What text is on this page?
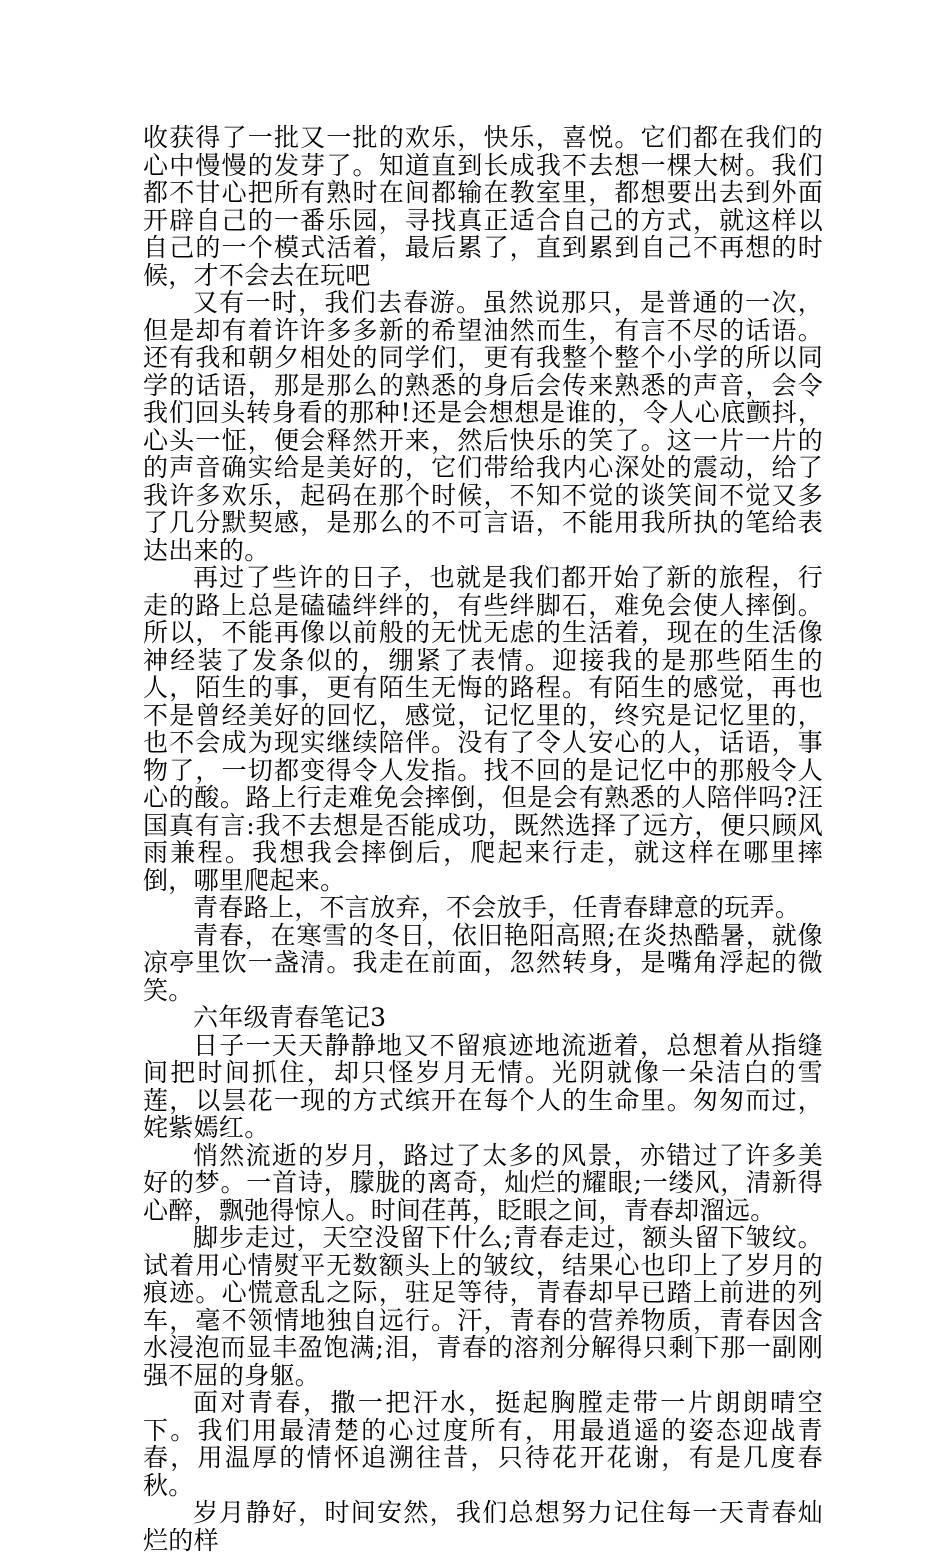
收获得了一批又一批的欢乐，快乐，喜悦。它们都在我们的心中慢慢的发芽了。知道直到长成我不去想一棵大树。我们都不甘心把所有熟时在间都输在教室里，都想要出去到外面开辟自己的一番乐园，寻找真正适合自己的方式，就这样以自己的一个模式活着，最后累了，直到累到自己不再想的时候，才不会去在玩吧

又有一时，我们去春游。虽然说那只，是普通的一次，但是却有着许许多多新的希望油然而生，有言不尽的话语。还有我和朝夕相处的同学们，更有我整个整个小学的所以同学的话语，那是那么的熟悉的身后会传来熟悉的声音，会令我们回头转身看的那种!还是会想想是谁的，令人心底颤抖，心头一怔，便会释然开来，然后快乐的笑了。这一片一片的的声音确实给是美好的，它们带给我内心深处的震动，给了我许多欢乐，起码在那个时候，不知不觉的谈笑间不觉又多了几分默契感，是那么的不可言语，不能用我所执的笔给表达出来的。

再过了些许的日子，也就是我们都开始了新的旅程，行走的路上总是磕磕绊绊的，有些绊脚石，难免会使人摔倒。所以，不能再像以前般的无忧无虑的生活着，现在的生活像神经装了发条似的，绷紧了表情。迎接我的是那些陌生的人，陌生的事，更有陌生无悔的路程。有陌生的感觉，再也不是曾经美好的回忆，感觉，记忆里的，终究是记忆里的，也不会成为现实继续陪伴。没有了令人安心的人，话语，事物了，一切都变得令人发指。找不回的是记忆中的那般令人心的酸。路上行走难免会摔倒，但是会有熟悉的人陪伴吗?汪国真有言:我不去想是否能成功，既然选择了远方，便只顾风雨兼程。我想我会摔倒后，爬起来行走，就这样在哪里摔倒，哪里爬起来。

青春路上，不言放弃，不会放手，任青春肆意的玩弄。

青春，在寒雪的冬日，依旧艳阳高照;在炎热酷暑，就像凉亭里饮一盏清。我走在前面，忽然转身，是嘴角浮起的微笑。

六年级青春笔记3

日子一天天静静地又不留痕迹地流逝着，总想着从指缝间把时间抓住，却只怪岁月无情。光阴就像一朵洁白的雪莲，以昙花一现的方式缤开在每个人的生命里。匆匆而过，姹紫嫣红。

悄然流逝的岁月，路过了太多的风景，亦错过了许多美好的梦。一首诗，朦胧的离奇，灿烂的耀眼;一缕风，清新得心醉，飘弛得惊人。时间荏苒，眨眼之间，青春却溜远。

脚步走过，天空没留下什么;青春走过，额头留下皱纹。试着用心情熨平无数额头上的皱纹，结果心也印上了岁月的痕迹。心慌意乱之际，驻足等待，青春却早已踏上前进的列车，毫不领情地独自远行。汗，青春的营养物质，青春因含水浸泡而显丰盈饱满;泪，青春的溶剂分解得只剩下那一副刚强不屈的身躯。

面对青春，撒一把汗水，挺起胸膛走带一片朗朗晴空下。我们用最清楚的心过度所有，用最逍遥的姿态迎战青春，用温厚的情怀追溯往昔，只待花开花谢，有是几度春秋。

岁月静好，时间安然，我们总想努力记住每一天青春灿烂的样
